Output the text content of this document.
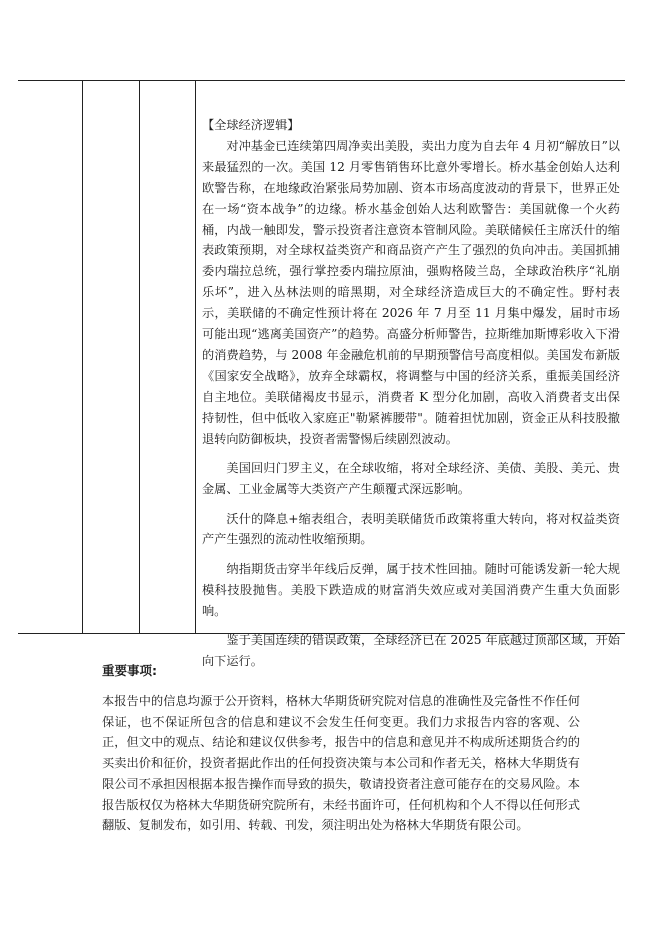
【全球经济逻辑】

对冲基金已连续第四周净卖出美股，卖出力度为自去年 4 月初“解放日”以来最猛烈的一次。美国 12 月零售销售环比意外零增长。桥水基金创始人达利欧警告称，在地缘政治紧张局势加剧、资本市场高度波动的背景下，世界正处在一场“资本战争”的边缘。桥水基金创始人达利欧警告：美国就像一个火药桶，内战一触即发，警示投资者注意资本管制风险。美联储候任主席沃什的缩表政策预期，对全球权益类资产和商品资产产生了强烈的负向冲击。美国抓捕委内瑞拉总统，强行掌控委内瑞拉原油，强购格陵兰岛，全球政治秩序“礼崩乐坏”，进入丛林法则的暗黑期，对全球经济造成巨大的不确定性。野村表示，美联储的不确定性预计将在 2026 年 7 月至 11 月集中爆发，届时市场可能出现“逃离美国资产”的趋势。高盛分析师警告，拉斯维加斯博彩收入下滑的消费趋势，与 2008 年金融危机前的早期预警信号高度相似。美国发布新版《国家安全战略》，放弃全球霸权，将调整与中国的经济关系，重振美国经济自主地位。美联储褐皮书显示，消费者 K 型分化加剧，高收入消费者支出保持韧性，但中低收入家庭正"勒紧裤腰带"。随着担忧加剧，资金正从科技股撤退转向防御板块，投资者需警惕后续剧烈波动。

美国回归门罗主义，在全球收缩，将对全球经济、美债、美股、美元、贵金属、工业金属等大类资产产生颠覆式深远影响。

沃什的降息+缩表组合，表明美联储货币政策将重大转向，将对权益类资产产生强烈的流动性收缩预期。

纳指期货击穿半年线后反弹，属于技术性回抽。随时可能诱发新一轮大规模科技股抛售。美股下跌造成的财富消失效应或对美国消费产生重大负面影响。

鉴于美国连续的错误政策，全球经济已在 2025 年底越过顶部区域，开始向下运行。

重要事项:

本报告中的信息均源于公开资料，格林大华期货研究院对信息的准确性及完备性不作任何保证，也不保证所包含的信息和建议不会发生任何变更。我们力求报告内容的客观、公正，但文中的观点、结论和建议仅供参考，报告中的信息和意见并不构成所述期货合约的买卖出价和征价，投资者据此作出的任何投资决策与本公司和作者无关，格林大华期货有限公司不承担因根据本报告操作而导致的损失，敬请投资者注意可能存在的交易风险。本报告版权仅为格林大华期货研究院所有，未经书面许可，任何机构和个人不得以任何形式翻版、复制发布，如引用、转载、刊发，须注明出处为格林大华期货有限公司。
